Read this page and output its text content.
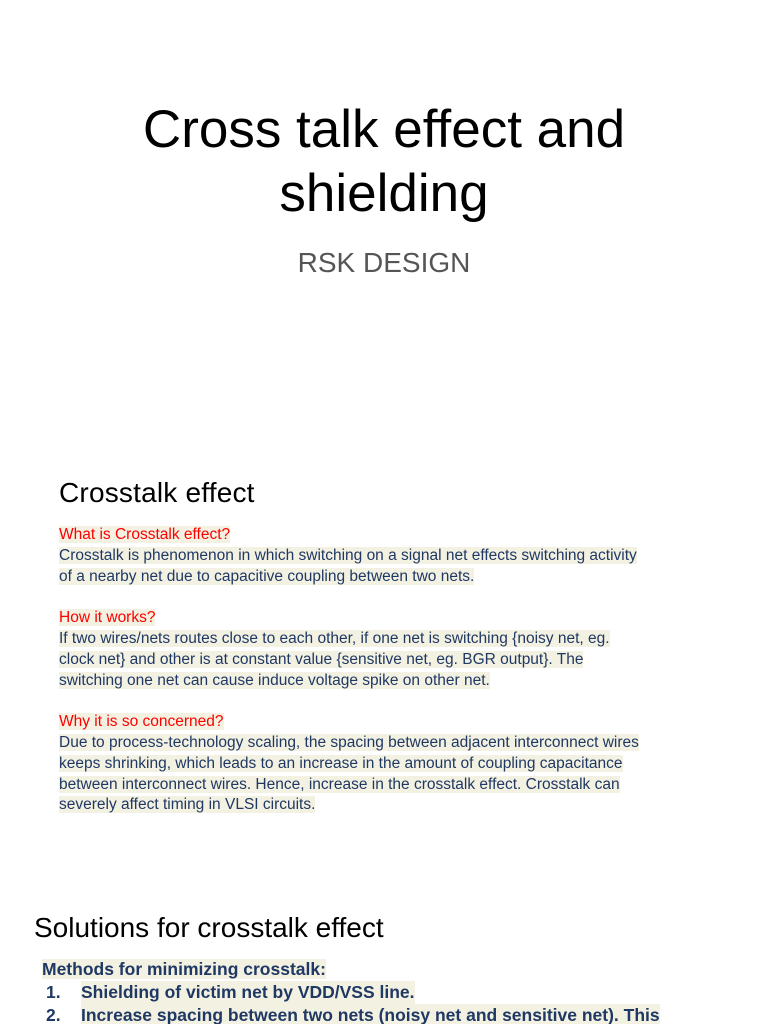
Cross talk effect and shielding
RSK DESIGN
Crosstalk effect
What is Crosstalk effect?
Crosstalk is phenomenon in which switching on a signal net effects switching activity
of a nearby net due to capacitive coupling between two nets.
How it works?
If two wires/nets routes close to each other, if one net is switching {noisy net, eg.
clock net} and other is at constant value {sensitive net, eg. BGR output}. The
switching one net can cause induce voltage spike on other net.
Why it is so concerned?
Due to process-technology scaling, the spacing between adjacent interconnect wires
keeps shrinking, which leads to an increase in the amount of coupling capacitance
between interconnect wires. Hence, increase in the crosstalk effect. Crosstalk can
severely affect timing in VLSI circuits.
Solutions for crosstalk effect
Methods for minimizing crosstalk:
1.	Shielding of victim net by VDD/VSS line.
2.	Increase spacing between two nets (noisy net and sensitive net). This
